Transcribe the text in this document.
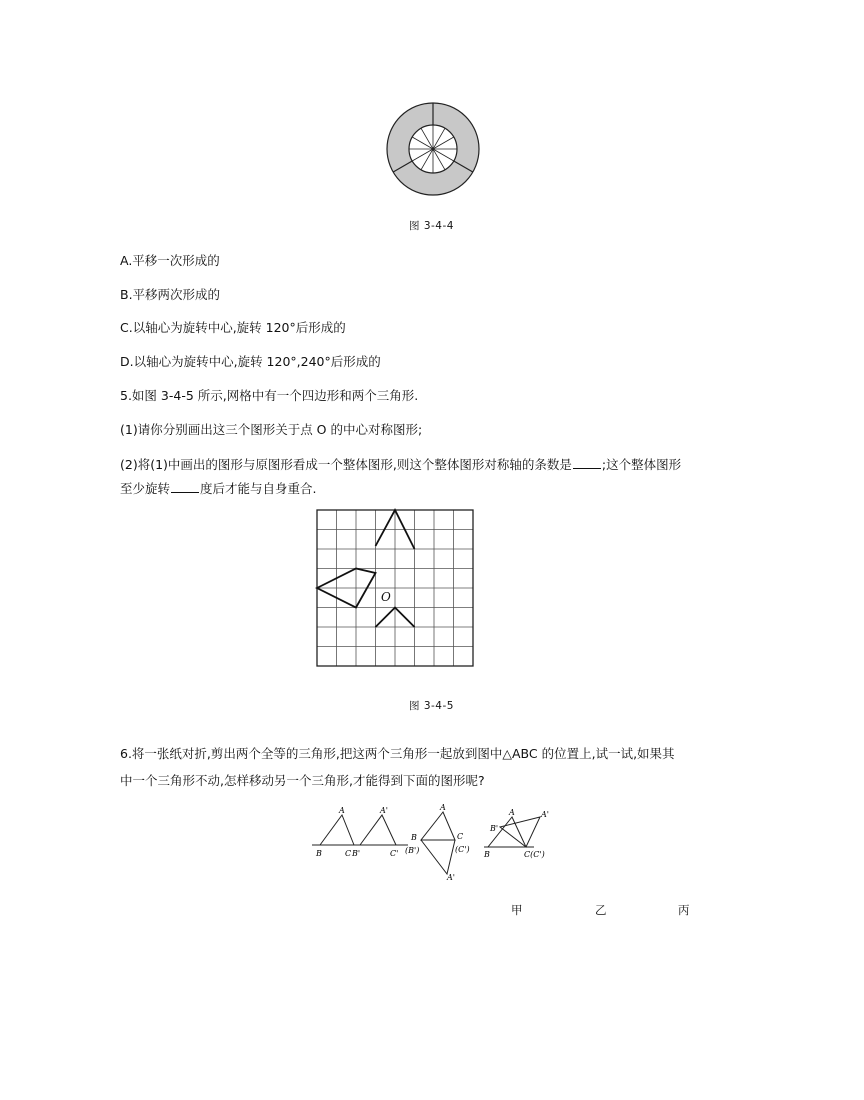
图 3-4-4
A.平移一次形成的
B.平移两次形成的
C.以轴心为旋转中心,旋转 120°后形成的
D.以轴心为旋转中心,旋转 120°,240°后形成的
5.如图 3-4-5 所示,网格中有一个四边形和两个三角形.
(1)请你分别画出这三个图形关于点 O 的中心对称图形;
(2)将(1)中画出的图形与原图形看成一个整体图形,则这个整体图形对称轴的条数是 ;这个整体图形
至少旋转 度后才能与自身重合.
O
图 3-4-5
6.将一张纸对折,剪出两个全等的三角形,把这两个三角形一起放到图中△ABC 的位置上,试一试,如果其
中一个三角形不动,怎样移动另一个三角形,才能得到下面的图形呢?
A	A'
B	C B'	C'
A
B	C
(B')	(C')
A'
A	A'
B'
B	C(C')
甲	乙	丙
